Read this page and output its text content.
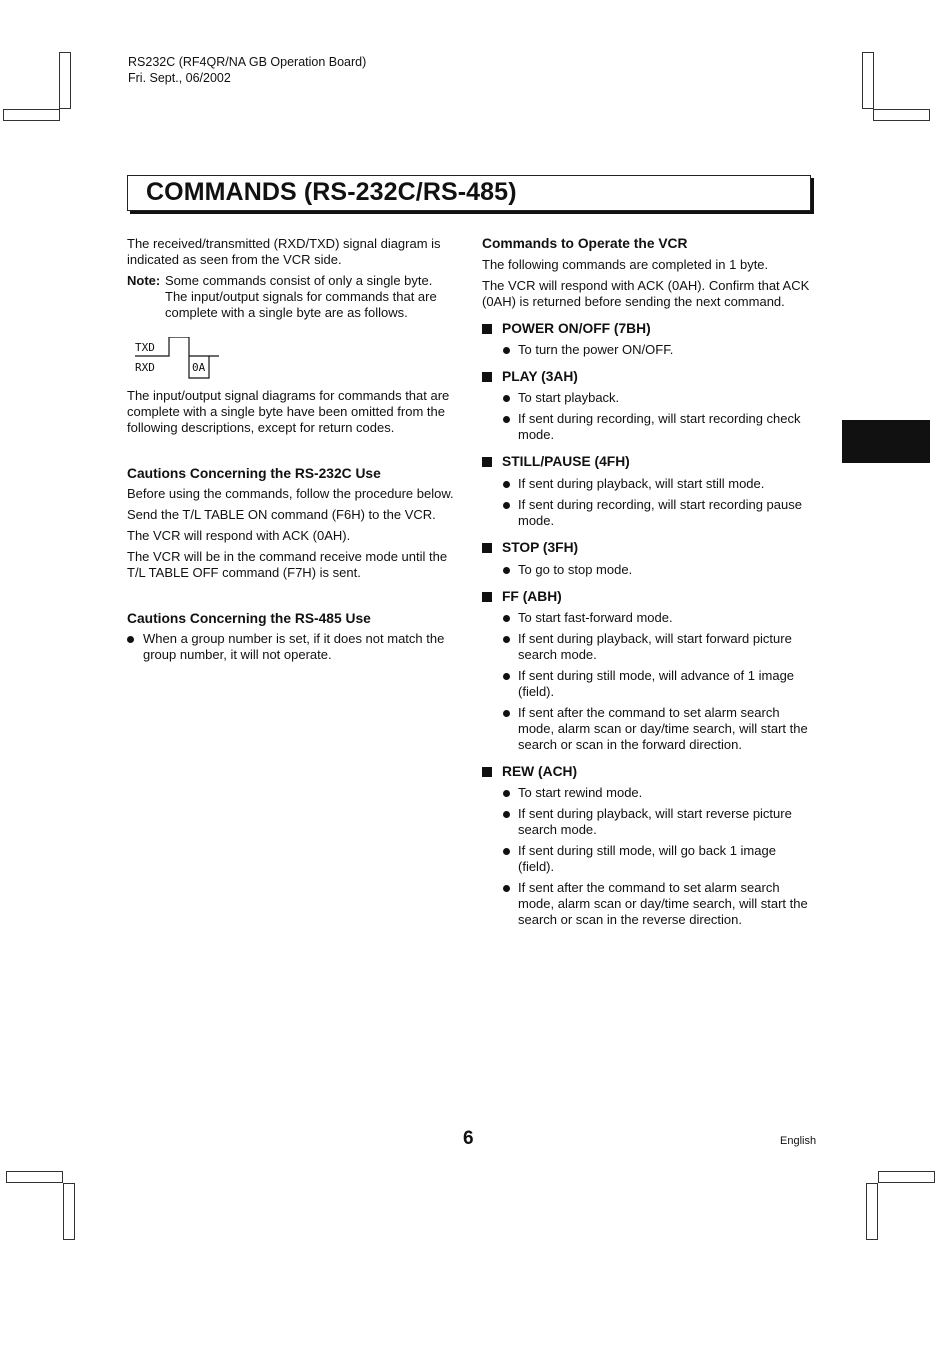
RS232C (RF4QR/NA GB Operation Board)
Fri. Sept., 06/2002
COMMANDS (RS-232C/RS-485)

The received/transmitted (RXD/TXD) signal diagram is indicated as seen from the VCR side.

Note: Some commands consist of only a single byte. The input/output signals for commands that are complete with a single byte are as follows.
TXD
RXD	0A

The input/output signal diagrams for commands that are complete with a single byte have been omitted from the following descriptions, except for return codes.

Cautions Concerning the RS-232C Use

Before using the commands, follow the procedure below.

Send the T/L TABLE ON command (F6H) to the VCR.

The VCR will respond with ACK (0AH).

The VCR will be in the command receive mode until the T/L TABLE OFF command (F7H) is sent.

Cautions Concerning the RS-485 Use

When a group number is set, if it does not match the group number, it will not operate.

Commands to Operate the VCR

The following commands are completed in 1 byte.

The VCR will respond with ACK (0AH). Confirm that ACK (0AH) is returned before sending the next command.

POWER ON/OFF (7BH)
To turn the power ON/OFF.
PLAY (3AH)
To start playback.
If sent during recording, will start recording check mode.
STILL/PAUSE (4FH)
If sent during playback, will start still mode.
If sent during recording, will start recording pause mode.
STOP (3FH)
To go to stop mode.
FF (ABH)
To start fast-forward mode.
If sent during playback, will start forward picture search mode.
If sent during still mode, will advance of 1 image (field).
If sent after the command to set alarm search mode, alarm scan or day/time search, will start the search or scan in the forward direction.
REW (ACH)
To start rewind mode.
If sent during playback, will start reverse picture search mode.
If sent during still mode, will go back 1 image (field).
If sent after the command to set alarm search mode, alarm scan or day/time search, will start the search or scan in the reverse direction.
6	English
